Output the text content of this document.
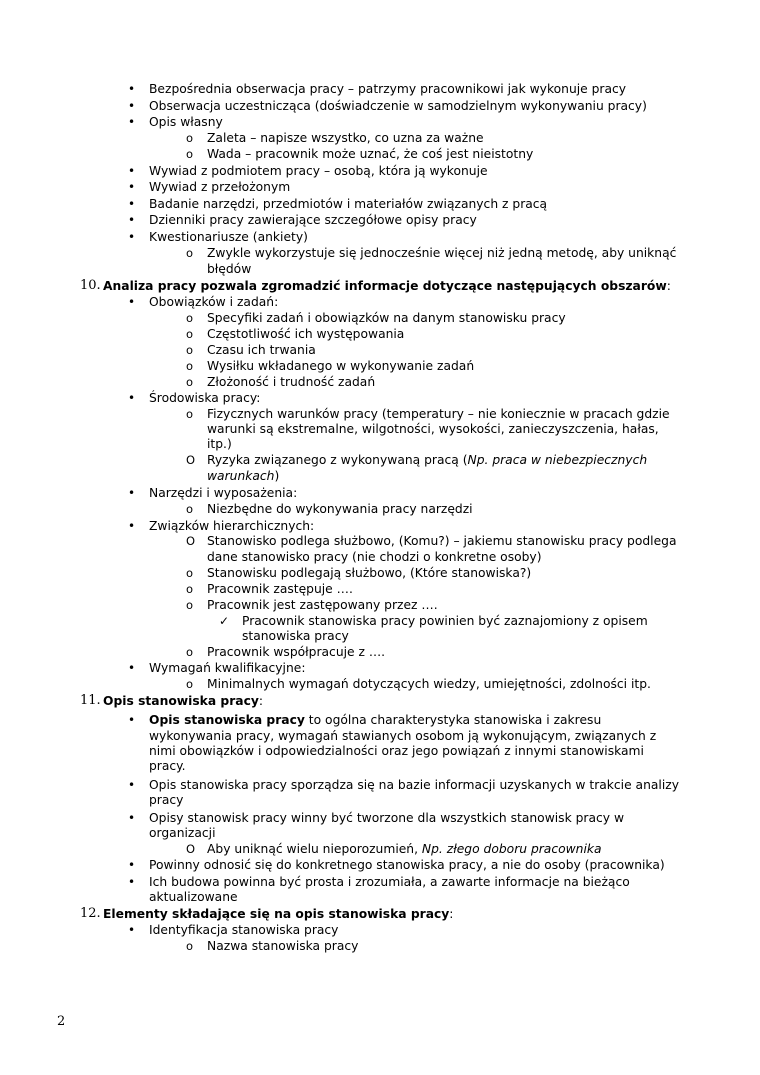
• Bezpośrednia obserwacja pracy – patrzymy pracownikowi jak wykonuje pracy
• Obserwacja uczestnicząca (doświadczenie w samodzielnym wykonywaniu pracy)
• Opis własny
o Zaleta – napisze wszystko, co uzna za ważne
o Wada – pracownik może uznać, że coś jest nieistotny
• Wywiad z podmiotem pracy – osobą, która ją wykonuje
• Wywiad z przełożonym
• Badanie narzędzi, przedmiotów i materiałów związanych z pracą
• Dzienniki pracy zawierające szczegółowe opisy pracy
• Kwestionariusze (ankiety)
o Zwykle wykorzystuje się jednocześnie więcej niż jedną metodę, aby uniknąć
błędów
10. Analiza pracy pozwala zgromadzić informacje dotyczące następujących obszarów:
• Obowiązków i zadań:
o Specyfiki zadań i obowiązków na danym stanowisku pracy
o Częstotliwość ich występowania
o Czasu ich trwania
o Wysiłku wkładanego w wykonywanie zadań
o Złożoność i trudność zadań
• Środowiska pracy:
o Fizycznych warunków pracy (temperatury – nie koniecznie w pracach gdzie
warunki są ekstremalne, wilgotności, wysokości, zanieczyszczenia, hałas,
itp.)
O Ryzyka związanego z wykonywaną pracą (Np. praca w niebezpiecznych
warunkach)
• Narzędzi i wyposażenia:
o Niezbędne do wykonywania pracy narzędzi
• Związków hierarchicznych:
O Stanowisko podlega służbowo, (Komu?) – jakiemu stanowisku pracy podlega
dane stanowisko pracy (nie chodzi o konkretne osoby)
o Stanowisku podlegają służbowo, (Które stanowiska?)
o Pracownik zastępuje ….
o Pracownik jest zastępowany przez ….
✓ Pracownik stanowiska pracy powinien być zaznajomiony z opisem
stanowiska pracy
o Pracownik współpracuje z ….
• Wymagań kwalifikacyjne:
o Minimalnych wymagań dotyczących wiedzy, umiejętności, zdolności itp.
11. Opis stanowiska pracy:
• Opis stanowiska pracy to ogólna charakterystyka stanowiska i zakresu
wykonywania pracy, wymagań stawianych osobom ją wykonującym, związanych z
nimi obowiązków i odpowiedzialności oraz jego powiązań z innymi stanowiskami
pracy.
• Opis stanowiska pracy sporządza się na bazie informacji uzyskanych w trakcie analizy
pracy
• Opisy stanowisk pracy winny być tworzone dla wszystkich stanowisk pracy w
organizacji
O Aby uniknąć wielu nieporozumień, Np. złego doboru pracownika
• Powinny odnosić się do konkretnego stanowiska pracy, a nie do osoby (pracownika)
• Ich budowa powinna być prosta i zrozumiała, a zawarte informacje na bieżąco
aktualizowane
12. Elementy składające się na opis stanowiska pracy:
• Identyfikacja stanowiska pracy
o Nazwa stanowiska pracy
2
